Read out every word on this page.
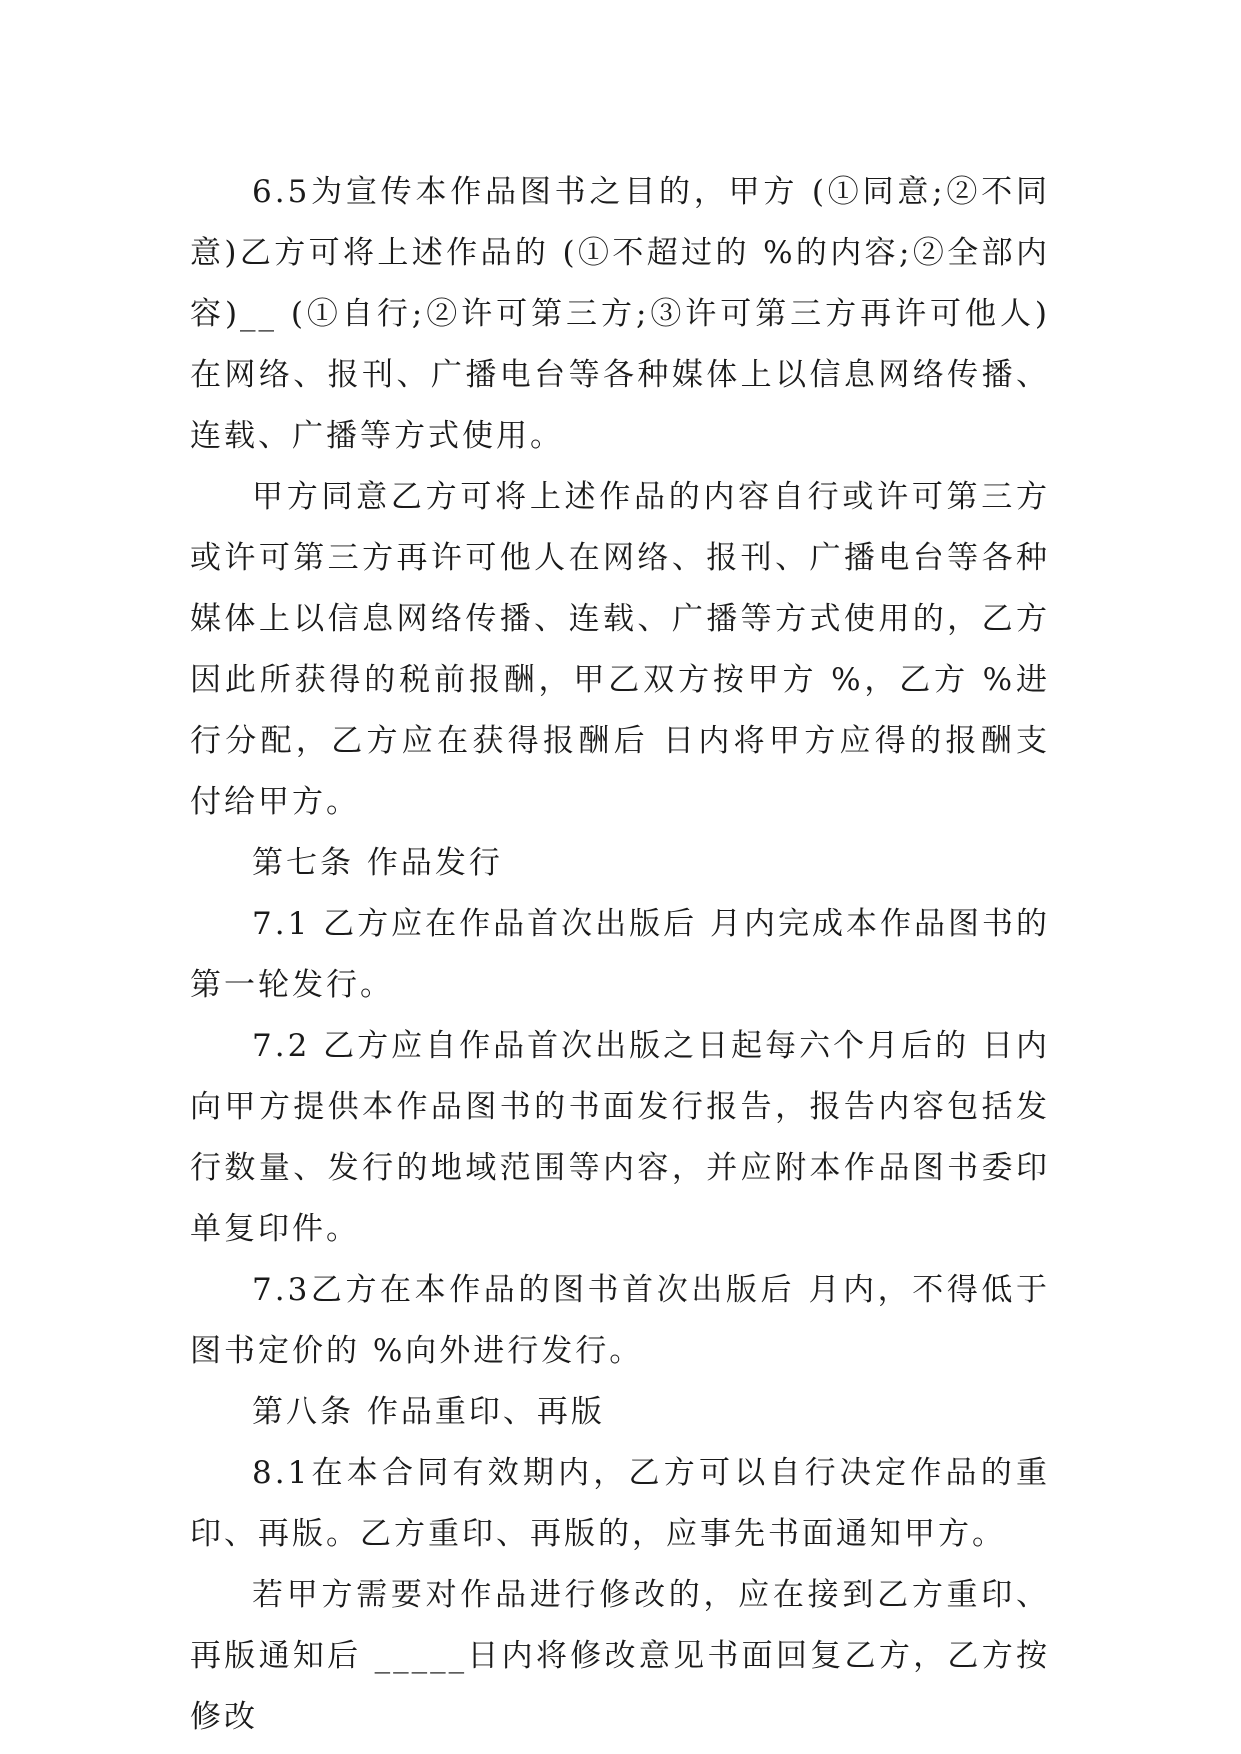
6.5为宣传本作品图书之目的，甲方 (①同意;②不同意)乙方可将上述作品的 (①不超过的 %的内容;②全部内容)__ (①自行;②许可第三方;③许可第三方再许可他人)在网络、报刊、广播电台等各种媒体上以信息网络传播、连载、广播等方式使用。

甲方同意乙方可将上述作品的内容自行或许可第三方或许可第三方再许可他人在网络、报刊、广播电台等各种媒体上以信息网络传播、连载、广播等方式使用的，乙方因此所获得的税前报酬，甲乙双方按甲方 %，乙方 %进行分配，乙方应在获得报酬后 日内将甲方应得的报酬支付给甲方。

第七条 作品发行

7.1 乙方应在作品首次出版后 月内完成本作品图书的第一轮发行。

7.2 乙方应自作品首次出版之日起每六个月后的 日内向甲方提供本作品图书的书面发行报告，报告内容包括发行数量、发行的地域范围等内容，并应附本作品图书委印单复印件。

7.3乙方在本作品的图书首次出版后 月内，不得低于图书定价的 %向外进行发行。

第八条 作品重印、再版

8.1在本合同有效期内，乙方可以自行决定作品的重印、再版。乙方重印、再版的，应事先书面通知甲方。

若甲方需要对作品进行修改的，应在接到乙方重印、再版通知后 _____日内将修改意见书面回复乙方，乙方按修改
